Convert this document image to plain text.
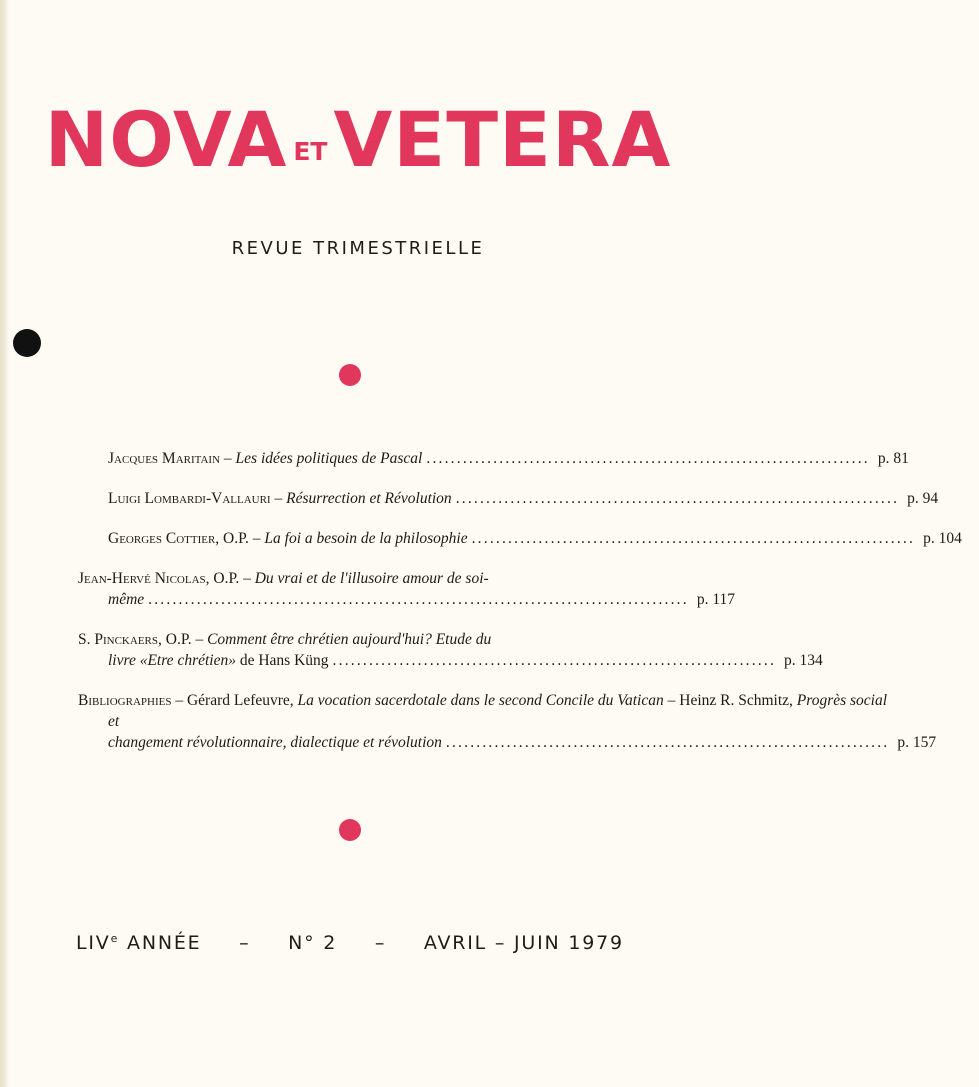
NOVA ETVETERA
REVUE TRIMESTRIELLE
Jacques Maritain – Les idées politiques de Pascal ......................................................................... p. 81
Luigi Lombardi-Vallauri – Résurrection et Révolution ......................................................................... p. 94
Georges Cottier, O.P. – La foi a besoin de la philosophie ......................................................................... p. 104
Jean-Hervé Nicolas, O.P. – Du vrai et de l'illusoire amour de soi-
même ......................................................................................... p. 117
S. Pinckaers, O.P. – Comment être chrétien aujourd'hui? Etude du
livre «Etre chrétien» de Hans Küng ......................................................................... p. 134
Bibliographies – Gérard Lefeuvre, La vocation sacerdotale dans le second Concile du Vatican – Heinz R. Schmitz, Progrès social et
changement révolutionnaire, dialectique et révolution ......................................................................... p. 157
LIVe ANNÉE – N° 2 – AVRIL – JUIN 1979
